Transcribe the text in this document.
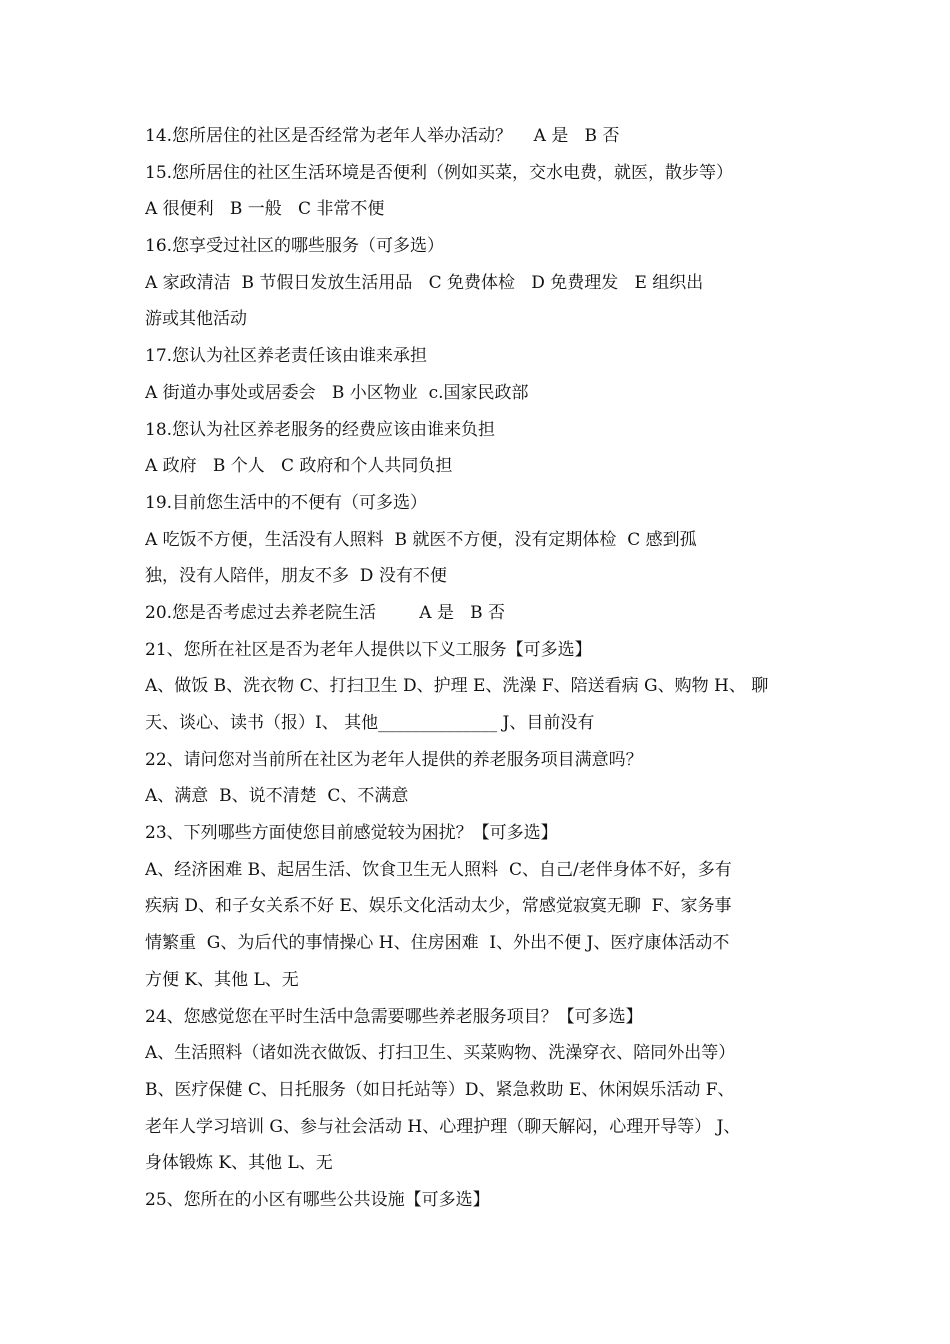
14.您所居住的社区是否经常为老年人举办活动？    A 是   B 否
15.您所居住的社区生活环境是否便利（例如买菜，交水电费，就医，散步等）
A 很便利   B 一般   C 非常不便
16.您享受过社区的哪些服务（可多选）
A 家政清洁  B 节假日发放生活用品   C 免费体检   D 免费理发   E 组织出
游或其他活动
17.您认为社区养老责任该由谁来承担
A 街道办事处或居委会   B 小区物业  c.国家民政部
18.您认为社区养老服务的经费应该由谁来负担
A 政府   B 个人   C 政府和个人共同负担
19.目前您生活中的不便有（可多选）
A 吃饭不方便，生活没有人照料  B 就医不方便，没有定期体检  C 感到孤
独，没有人陪伴，朋友不多  D 没有不便
20.您是否考虑过去养老院生活        A 是   B 否
21、您所在社区是否为老年人提供以下义工服务【可多选】
A、做饭 B、洗衣物 C、打扫卫生 D、护理 E、洗澡 F、陪送看病 G、购物 H、 聊
天、谈心、读书（报）I、 其他______________ J、目前没有
22、请问您对当前所在社区为老年人提供的养老服务项目满意吗？
A、满意  B、说不清楚  C、不满意
23、下列哪些方面使您目前感觉较为困扰？【可多选】
A、经济困难 B、起居生活、饮食卫生无人照料  C、自己/老伴身体不好，多有
疾病 D、和子女关系不好 E、娱乐文化活动太少，常感觉寂寞无聊  F、家务事
情繁重  G、为后代的事情操心 H、住房困难  I、外出不便 J、医疗康体活动不
方便 K、其他 L、无
24、您感觉您在平时生活中急需要哪些养老服务项目？【可多选】
A、生活照料（诸如洗衣做饭、打扫卫生、买菜购物、洗澡穿衣、陪同外出等）
B、医疗保健 C、日托服务（如日托站等）D、紧急救助 E、休闲娱乐活动 F、
老年人学习培训 G、参与社会活动 H、心理护理（聊天解闷，心理开导等） J、
身体锻炼 K、其他 L、无
25、您所在的小区有哪些公共设施【可多选】
